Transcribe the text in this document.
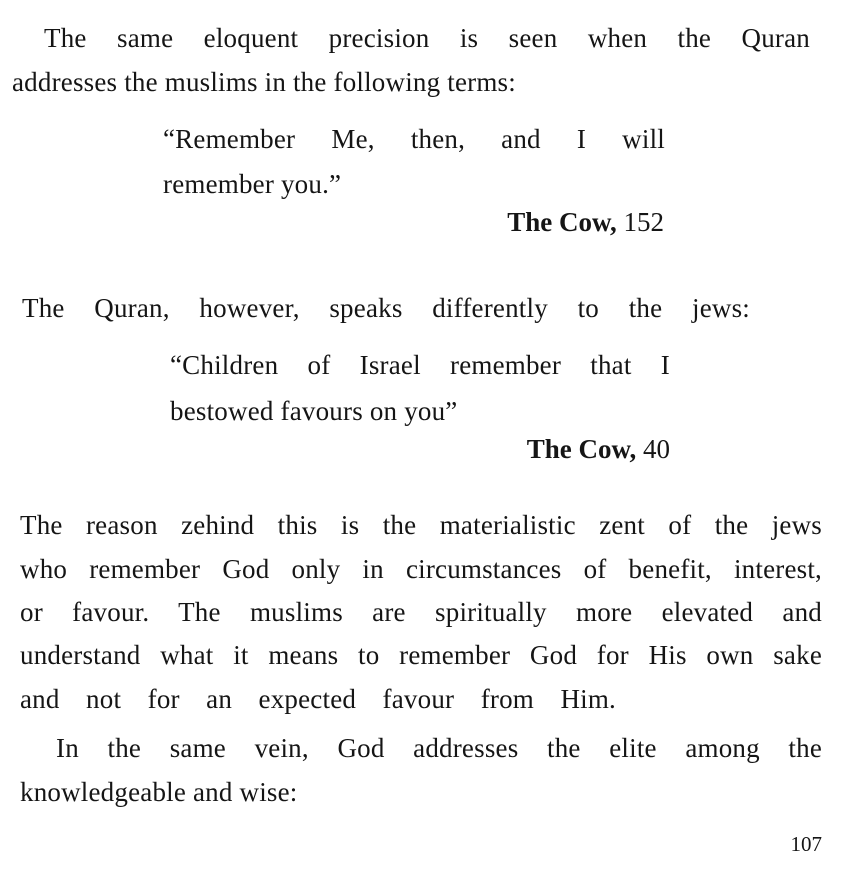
The same eloquent precision is seen when the Quran
addresses the muslims in the following terms:
“Remember Me, then, and I will
remember you.”
The Cow, 152
The Quran, however, speaks differently to the jews:
“Children of Israel remember that I
bestowed favours on you”
The Cow, 40
The reason zehind this is the materialistic zent of the jews
who remember God only in circumstances of benefit, interest,
or favour. The muslims are spiritually more elevated and
understand what it means to remember God for His own sake
and not for an expected favour from Him.
In the same vein, God addresses the elite among the
knowledgeable and wise:
107
